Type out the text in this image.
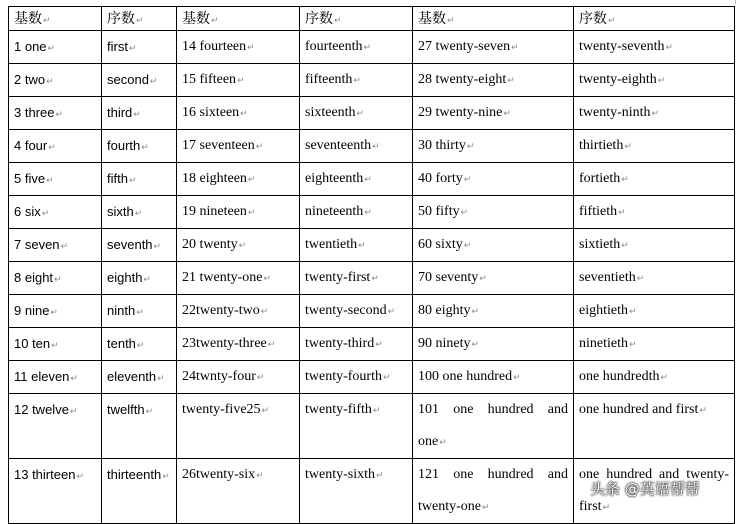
基数↵	序数↵	基数↵	序数↵	基数↵	序数↵
1 one↵	first↵	14 fourteen↵	fourteenth↵	27 twenty-seven↵	twenty-seventh↵
2 two↵	second↵	15 fifteen↵	fifteenth↵	28 twenty-eight↵	twenty-eighth↵
3 three↵	third↵	16 sixteen↵	sixteenth↵	29 twenty-nine↵	twenty-ninth↵
4 four↵	fourth↵	17 seventeen↵	seventeenth↵	30 thirty↵	thirtieth↵
5 five↵	fifth↵	18 eighteen↵	eighteenth↵	40 forty↵	fortieth↵
6 six↵	sixth↵	19 nineteen↵	nineteenth↵	50 fifty↵	fiftieth↵
7 seven↵	seventh↵	20 twenty↵	twentieth↵	60 sixty↵	sixtieth↵
8 eight↵	eighth↵	21 twenty-one↵	twenty-first↵	70 seventy↵	seventieth↵
9 nine↵	ninth↵	22twenty-two↵	twenty-second↵	80 eighty↵	eightieth↵
10 ten↵	tenth↵	23twenty-three↵	twenty-third↵	90 ninety↵	ninetieth↵
11 eleven↵	eleventh↵	24twnty-four↵	twenty-fourth↵	100 one hundred↵	one hundredth↵
12 twelve↵	twelfth↵	twenty-five25↵	twenty-fifth↵	101 one hundred and one↵	one hundred and first↵
13 thirteen↵	thirteenth↵	26twenty-six↵	twenty-sixth↵	121 one hundred and twenty-one↵	one hundred and twenty-first↵
头条 @英语帮帮
